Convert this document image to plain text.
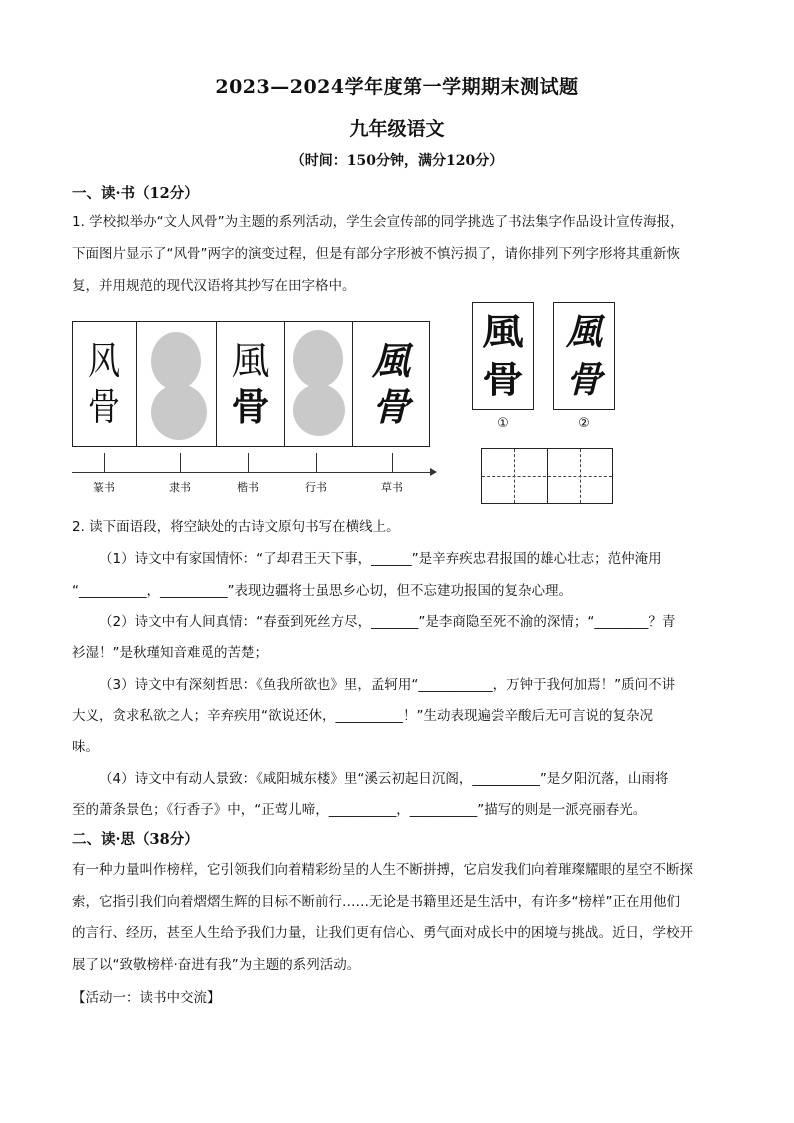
2023—2024学年度第一学期期末测试题
九年级语文
（时间：150分钟，满分120分）
一、读·书（12分）
1. 学校拟举办“文人风骨”为主题的系列活动，学生会宣传部的同学挑选了书法集字作品设计宣传海报，
下面图片显示了“风骨”两字的演变过程，但是有部分字形被不慎污损了，请你排列下列字形将其重新恢
复，并用规范的现代汉语将其抄写在田字格中。
风
骨
風
骨
風
骨
篆书	隶书	楷书	行书	草书
風
骨
風
骨
①	②
2. 读下面语段，将空缺处的古诗文原句书写在横线上。
（1）诗文中有家国情怀：“了却君王天下事，______”是辛弃疾忠君报国的雄心壮志；范仲淹用
“__________，__________”表现边疆将士虽思乡心切，但不忘建功报国的复杂心理。
（2）诗文中有人间真情：“春蚕到死丝方尽，_______”是李商隐至死不渝的深情；“________？青
衫湿！”是秋瑾知音难觅的苦楚；
（3）诗文中有深刻哲思：《鱼我所欲也》里，孟轲用“___________，万钟于我何加焉！”质问不讲
大义，贪求私欲之人；辛弃疾用“欲说还休，__________！”生动表现遍尝辛酸后无可言说的复杂况
味。
（4）诗文中有动人景致：《咸阳城东楼》里“溪云初起日沉阁，__________”是夕阳沉落，山雨将
至的萧条景色；《行香子》中，“正莺儿啼，__________，__________”描写的则是一派亮丽春光。
二、读·思（38分）
有一种力量叫作榜样，它引领我们向着精彩纷呈的人生不断拼搏，它启发我们向着璀璨耀眼的星空不断探
索，它指引我们向着熠熠生辉的目标不断前行……无论是书籍里还是生活中，有许多“榜样”正在用他们
的言行、经历，甚至人生给予我们力量，让我们更有信心、勇气面对成长中的困境与挑战。近日，学校开
展了以“致敬榜样·奋进有我”为主题的系列活动。
【活动一：读书中交流】
